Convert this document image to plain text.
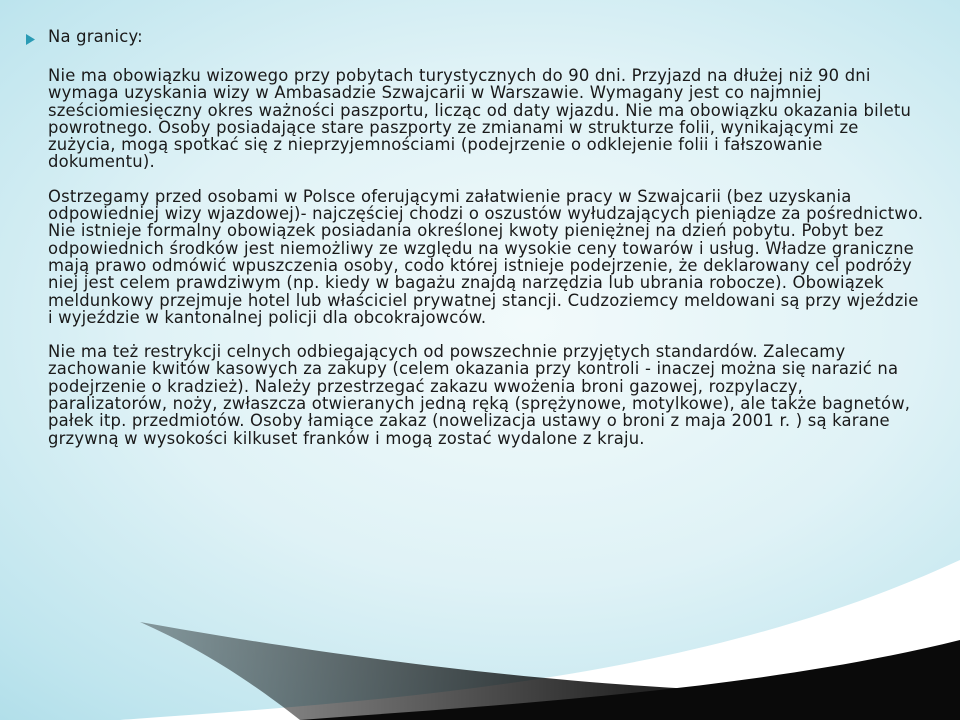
Na granicy:

Nie ma obowiązku wizowego przy pobytach turystycznych do 90 dni. Przyjazd na dłużej niż 90 dni wymaga uzyskania wizy w Ambasadzie Szwajcarii w Warszawie. Wymagany jest co najmniej sześciomiesięczny okres ważności paszportu, licząc od daty wjazdu. Nie ma obowiązku okazania biletu powrotnego. Osoby posiadające stare paszporty ze zmianami w strukturze folii, wynikającymi ze zużycia, mogą spotkać się z nieprzyjemnościami (podejrzenie o odklejenie folii i fałszowanie dokumentu).

Ostrzegamy przed osobami w Polsce oferującymi załatwienie pracy w Szwajcarii (bez uzyskania odpowiedniej wizy wjazdowej)- najczęściej chodzi o oszustów wyłudzających pieniądze za pośrednictwo. Nie istnieje formalny obowiązek posiadania określonej kwoty pieniężnej na dzień pobytu. Pobyt bez odpowiednich środków jest niemożliwy ze względu na wysokie ceny towarów i usług. Władze graniczne mają prawo odmówić wpuszczenia osoby, codo której istnieje podejrzenie, że deklarowany cel podróży niej jest celem prawdziwym (np. kiedy w bagażu znajdą narzędzia lub ubrania robocze). Obowiązek meldunkowy przejmuje hotel lub właściciel prywatnej stancji. Cudzoziemcy meldowani są przy wjeździe i wyjeździe w kantonalnej policji dla obcokrajowców.

Nie ma też restrykcji celnych odbiegających od powszechnie przyjętych standardów. Zalecamy zachowanie kwitów kasowych za zakupy (celem okazania przy kontroli - inaczej można się narazić na podejrzenie o kradzież). Należy przestrzegać zakazu wwożenia broni gazowej, rozpylaczy, paralizatorów, noży, zwłaszcza otwieranych jedną ręką (sprężynowe, motylkowe), ale także bagnetów, pałek itp. przedmiotów. Osoby łamiące zakaz (nowelizacja ustawy o broni z maja 2001 r. ) są karane grzywną w wysokości kilkuset franków i mogą zostać wydalone z kraju.
